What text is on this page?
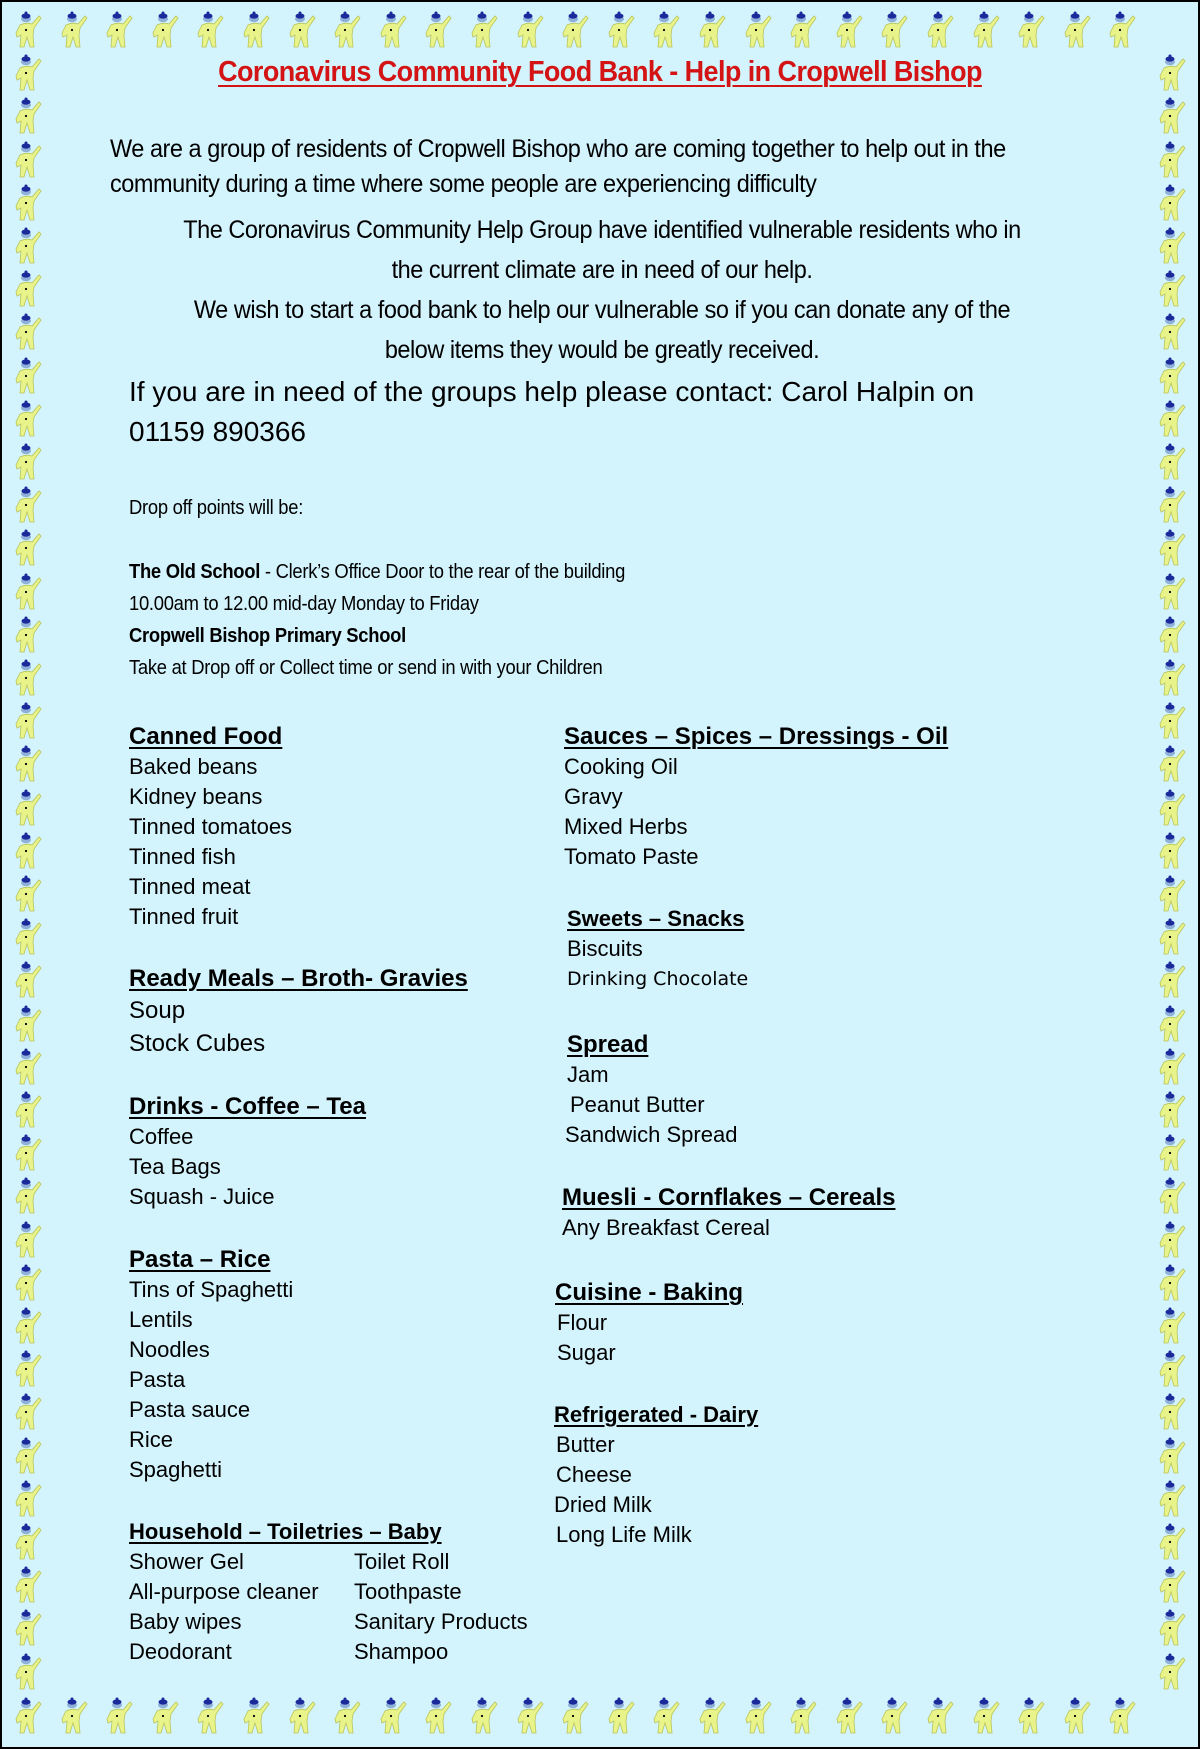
Coronavirus Community Food Bank - Help in Cropwell Bishop
We are a group of residents of Cropwell Bishop who are coming together to help out in the community during a time where some people are experiencing difficulty
The Coronavirus Community Help Group have identified vulnerable residents who in
the current climate are in need of our help.
We wish to start a food bank to help our vulnerable so if you can donate any of the
below items they would be greatly received.
If you are in need of the groups help please contact: Carol Halpin on
01159 890366
Drop off points will be:
The Old School - Clerk’s Office Door to the rear of the building
10.00am to 12.00 mid-day Monday to Friday
Cropwell Bishop Primary School
Take at Drop off or Collect time or send in with your Children
Canned Food
Baked beans
Kidney beans
Tinned tomatoes
Tinned fish
Tinned meat
Tinned fruit
Ready Meals – Broth- Gravies
Soup
Stock Cubes
Drinks - Coffee – Tea
Coffee
Tea Bags
Squash - Juice
Pasta – Rice
Tins of Spaghetti
Lentils
Noodles
Pasta
Pasta sauce
Rice
Spaghetti
Household – Toiletries – Baby
Shower Gel	Toilet Roll
All-purpose cleaner	Toothpaste
Baby wipes	Sanitary Products
Deodorant	Shampoo
Sauces – Spices – Dressings - Oil
Cooking Oil
Gravy
Mixed Herbs
Tomato Paste
Sweets – Snacks
Biscuits
Drinking Chocolate
Spread
Jam
Peanut Butter
Sandwich Spread
Muesli - Cornflakes – Cereals
Any Breakfast Cereal
Cuisine - Baking
Flour
Sugar
Refrigerated - Dairy
Butter
Cheese
Dried Milk
Long Life Milk
